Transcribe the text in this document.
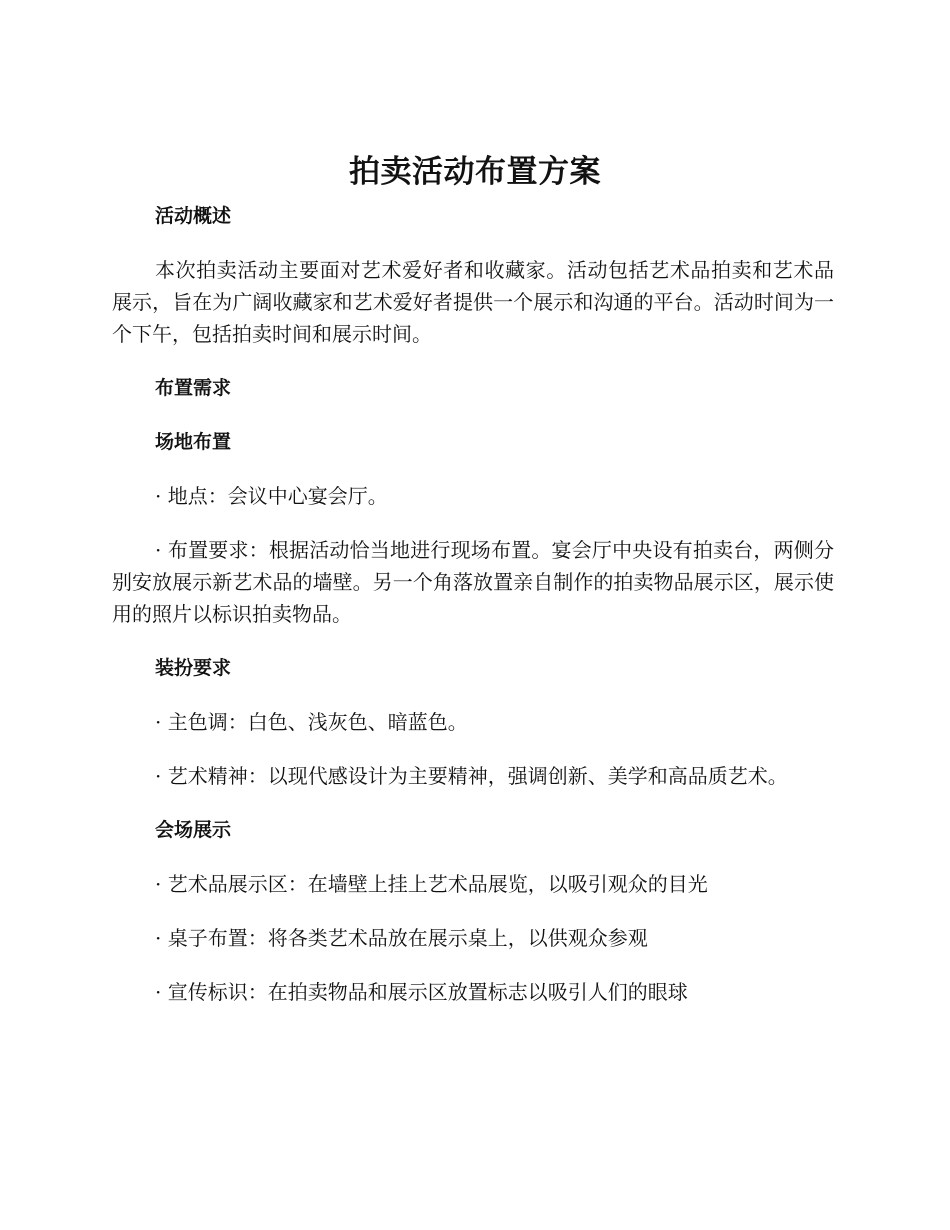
拍卖活动布置方案

活动概述

本次拍卖活动主要面对艺术爱好者和收藏家。活动包括艺术品拍卖和艺术品展示，旨在为广阔收藏家和艺术爱好者提供一个展示和沟通的平台。活动时间为一个下午，包括拍卖时间和展示时间。

布置需求

场地布置

· 地点：会议中心宴会厅。

· 布置要求：根据活动恰当地进行现场布置。宴会厅中央设有拍卖台，两侧分别安放展示新艺术品的墙壁。另一个角落放置亲自制作的拍卖物品展示区，展示使用的照片以标识拍卖物品。

装扮要求

· 主色调：白色、浅灰色、暗蓝色。

· 艺术精神：以现代感设计为主要精神，强调创新、美学和高品质艺术。

会场展示

· 艺术品展示区：在墙壁上挂上艺术品展览，以吸引观众的目光

· 桌子布置：将各类艺术品放在展示桌上，以供观众参观

· 宣传标识：在拍卖物品和展示区放置标志以吸引人们的眼球
